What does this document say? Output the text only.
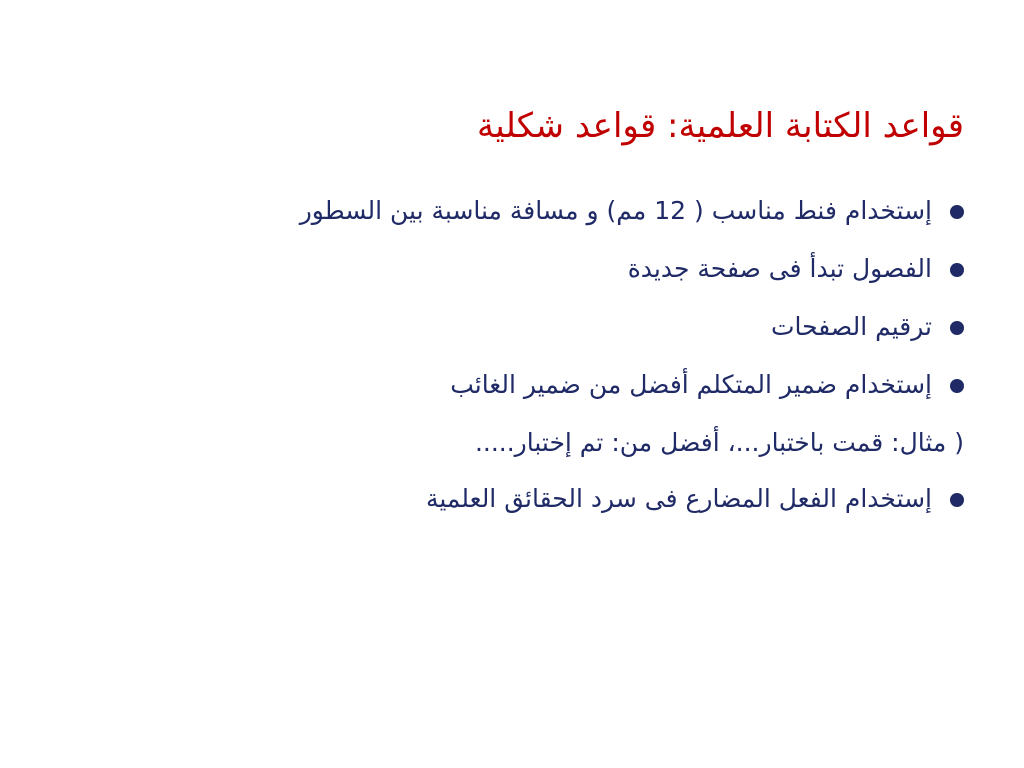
قواعد الكتابة العلمية: قواعد شكلية
إستخدام فنط مناسب ( 12 مم) و مسافة مناسبة بين السطور
الفصول تبدأ فى صفحة جديدة
ترقيم الصفحات
إستخدام ضمير المتكلم أفضل من ضمير الغائب
( مثال: قمت باختبار...، أفضل من: تم إختبار.....
إستخدام الفعل المضارع فى سرد الحقائق العلمية
